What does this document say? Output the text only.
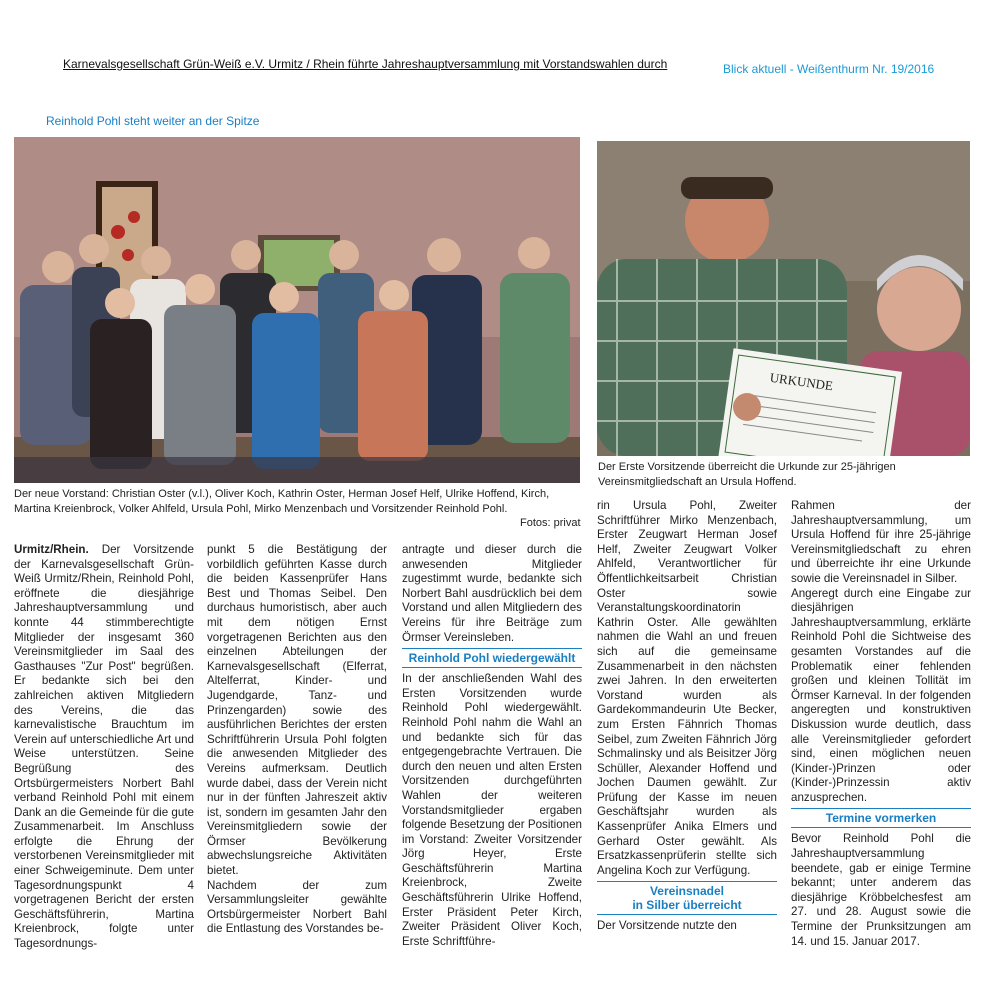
Karnevalsgesellschaft Grün-Weiß e.V. Urmitz / Rhein führte Jahreshauptversammlung mit Vorstandswahlen durch	Blick aktuell - Weißenthurm Nr. 19/2016
Reinhold Pohl steht weiter an der Spitze
Der neue Vorstand: Christian Oster (v.l.), Oliver Koch, Kathrin Oster, Herman Josef Helf, Ulrike Hoffend, Kirch, Martina Kreienbrock, Volker Ahlfeld, Ursula Pohl, Mirko Menzenbach und Vorsitzender Reinhold Pohl.
Fotos: privat
URKUNDE
Der Erste Vorsitzende überreicht die Urkunde zur 25-jährigen Vereinsmitgliedschaft an Ursula Hoffend.

Urmitz/Rhein. Der Vorsitzende der Karnevalsgesellschaft Grün-Weiß Urmitz/Rhein, Reinhold Pohl, eröffnete die diesjährige Jahreshauptversammlung und konnte 44 stimmberechtigte Mitglieder der insgesamt 360 Vereinsmitglieder im Saal des Gasthauses "Zur Post" begrüßen. Er bedankte sich bei den zahlreichen aktiven Mitgliedern des Vereins, die das karnevalistische Brauchtum im Verein auf unterschiedliche Art und Weise unterstützen. Seine Begrüßung des Ortsbürgermeisters Norbert Bahl verband Reinhold Pohl mit einem Dank an die Gemeinde für die gute Zusammenarbeit. Im Anschluss erfolgte die Ehrung der verstorbenen Vereinsmitglieder mit einer Schweigeminute. Dem unter Tagesordnungspunkt 4 vorgetragenen Bericht der ersten Geschäftsführerin, Martina Kreienbrock, folgte unter Tagesordnungs-

punkt 5 die Bestätigung der vorbildlich geführten Kasse durch die beiden Kassenprüfer Hans Best und Thomas Seibel. Den durchaus humoristisch, aber auch mit dem nötigen Ernst vorgetragenen Berichten aus den einzelnen Abteilungen der Karnevalsgesellschaft (Elferrat, Altelferrat, Kinder- und Jugendgarde, Tanz- und Prinzengarden) sowie des ausführlichen Berichtes der ersten Schriftführerin Ursula Pohl folgten die anwesenden Mitglieder des Vereins aufmerksam. Deutlich wurde dabei, dass der Verein nicht nur in der fünften Jahreszeit aktiv ist, sondern im gesamten Jahr den Vereinsmitgliedern sowie der Örmser Bevölkerung abwechslungsreiche Aktivitäten bietet.

Nachdem der zum Versammlungsleiter gewählte Ortsbürgermeister Norbert Bahl die Entlastung des Vorstandes be-

antragte und dieser durch die anwesenden Mitglieder zugestimmt wurde, bedankte sich Norbert Bahl ausdrücklich bei dem Vorstand und allen Mitgliedern des Vereins für ihre Beiträge zum Örmser Vereinsleben.

Reinhold Pohl wiedergewählt

In der anschließenden Wahl des Ersten Vorsitzenden wurde Reinhold Pohl wiedergewählt. Reinhold Pohl nahm die Wahl an und bedankte sich für das entgegengebrachte Vertrauen. Die durch den neuen und alten Ersten Vorsitzenden durchgeführten Wahlen der weiteren Vorstandsmitglieder ergaben folgende Besetzung der Positionen im Vorstand: Zweiter Vorsitzender Jörg Heyer, Erste Geschäftsführerin Martina Kreienbrock, Zweite Geschäftsführerin Ulrike Hoffend, Erster Präsident Peter Kirch, Zweiter Präsident Oliver Koch, Erste Schriftführe-

rin Ursula Pohl, Zweiter Schriftführer Mirko Menzenbach, Erster Zeugwart Herman Josef Helf, Zweiter Zeugwart Volker Ahlfeld, Verantwortlicher für Öffentlichkeitsarbeit Christian Oster sowie Veranstaltungskoordinatorin Kathrin Oster. Alle gewählten nahmen die Wahl an und freuen sich auf die gemeinsame Zusammenarbeit in den nächsten zwei Jahren. In den erweiterten Vorstand wurden als Gardekommandeurin Ute Becker, zum Ersten Fähnrich Thomas Seibel, zum Zweiten Fähnrich Jörg Schmalinsky und als Beisitzer Jörg Schüller, Alexander Hoffend und Jochen Daumen gewählt. Zur Prüfung der Kasse im neuen Geschäftsjahr wurden als Kassenprüfer Anika Elmers und Gerhard Oster gewählt. Als Ersatzkassenprüferin stellte sich Angelina Koch zur Verfügung.

Vereinsnadel
in Silber überreicht

Der Vorsitzende nutzte den

Rahmen der Jahreshauptversammlung, um Ursula Hoffend für ihre 25-jährige Vereinsmitgliedschaft zu ehren und überreichte ihr eine Urkunde sowie die Vereinsnadel in Silber.

Angeregt durch eine Eingabe zur diesjährigen Jahreshauptversammlung, erklärte Reinhold Pohl die Sichtweise des gesamten Vorstandes auf die Problematik einer fehlenden großen und kleinen Tollität im Örmser Karneval. In der folgenden angeregten und konstruktiven Diskussion wurde deutlich, dass alle Vereinsmitglieder gefordert sind, einen möglichen neuen (Kinder-)Prinzen oder (Kinder-)Prinzessin aktiv anzusprechen.

Termine vormerken

Bevor Reinhold Pohl die Jahreshauptversammlung beendete, gab er einige Termine bekannt; unter anderem das diesjährige Kröbbelchesfest am 27. und 28. August sowie die Termine der Prunksitzungen am 14. und 15. Januar 2017.
